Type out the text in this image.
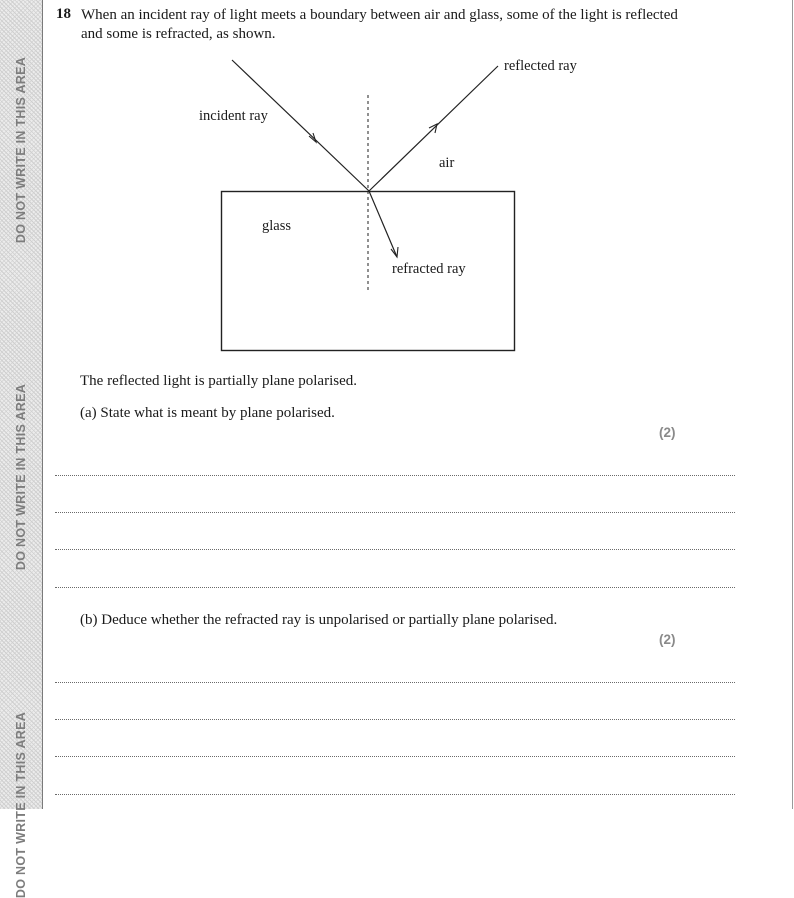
DO NOT WRITE IN THIS AREA
DO NOT WRITE IN THIS AREA
DO NOT WRITE IN THIS AREA
18 When an incident ray of light meets a boundary between air and glass, some of the light is reflected and some is refracted, as shown.
incident ray
reflected ray
air
glass
refracted ray
The reflected light is partially plane polarised.
(a) State what is meant by plane polarised.
(2)
(b) Deduce whether the refracted ray is unpolarised or partially plane polarised.
(2)
